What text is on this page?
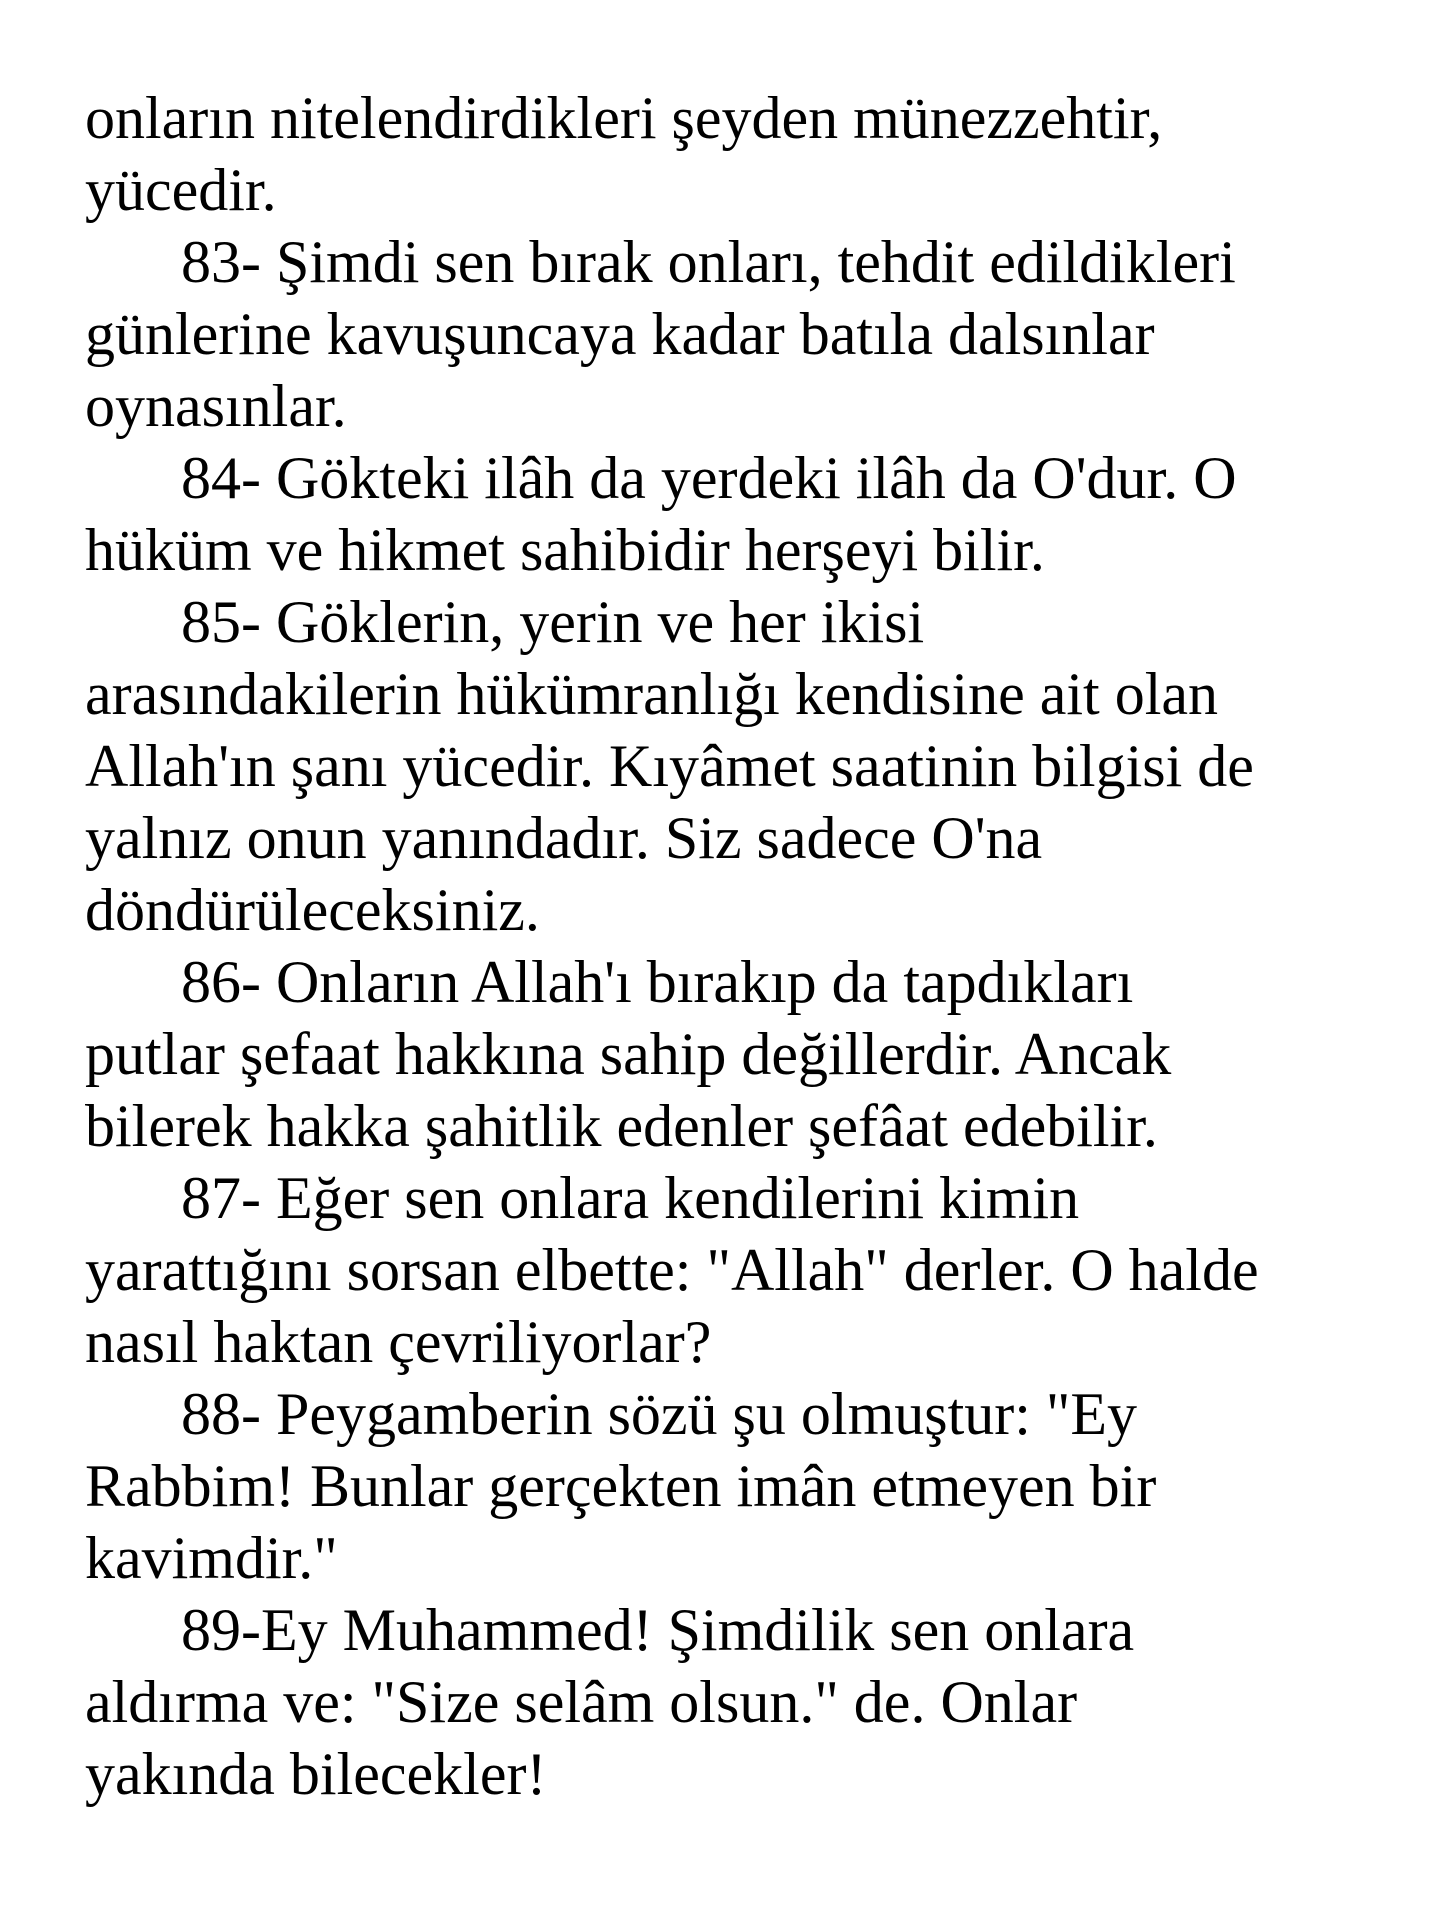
onların nitelendirdikleri şeyden münezzehtir,
yücedir.

83- Şimdi sen bırak onları, tehdit edildikleri
günlerine kavuşuncaya kadar batıla dalsınlar
oynasınlar.

84- Gökteki ilâh da yerdeki ilâh da O'dur. O
hüküm ve hikmet sahibidir herşeyi bilir.

85- Göklerin, yerin ve her ikisi
arasındakilerin hükümranlığı kendisine ait olan
Allah'ın şanı yücedir. Kıyâmet saatinin bilgisi de
yalnız onun yanındadır. Siz sadece O'na
döndürüleceksiniz.

86- Onların Allah'ı bırakıp da tapdıkları
putlar şefaat hakkına sahip değillerdir. Ancak
bilerek hakka şahitlik edenler şefâat edebilir.

87- Eğer sen onlara kendilerini kimin
yarattığını sorsan elbette: "Allah" derler. O halde
nasıl haktan çevriliyorlar?

88- Peygamberin sözü şu olmuştur: "Ey
Rabbim! Bunlar gerçekten imân etmeyen bir
kavimdir."

89-Ey Muhammed! Şimdilik sen onlara
aldırma ve: "Size selâm olsun." de. Onlar
yakında bilecekler!
